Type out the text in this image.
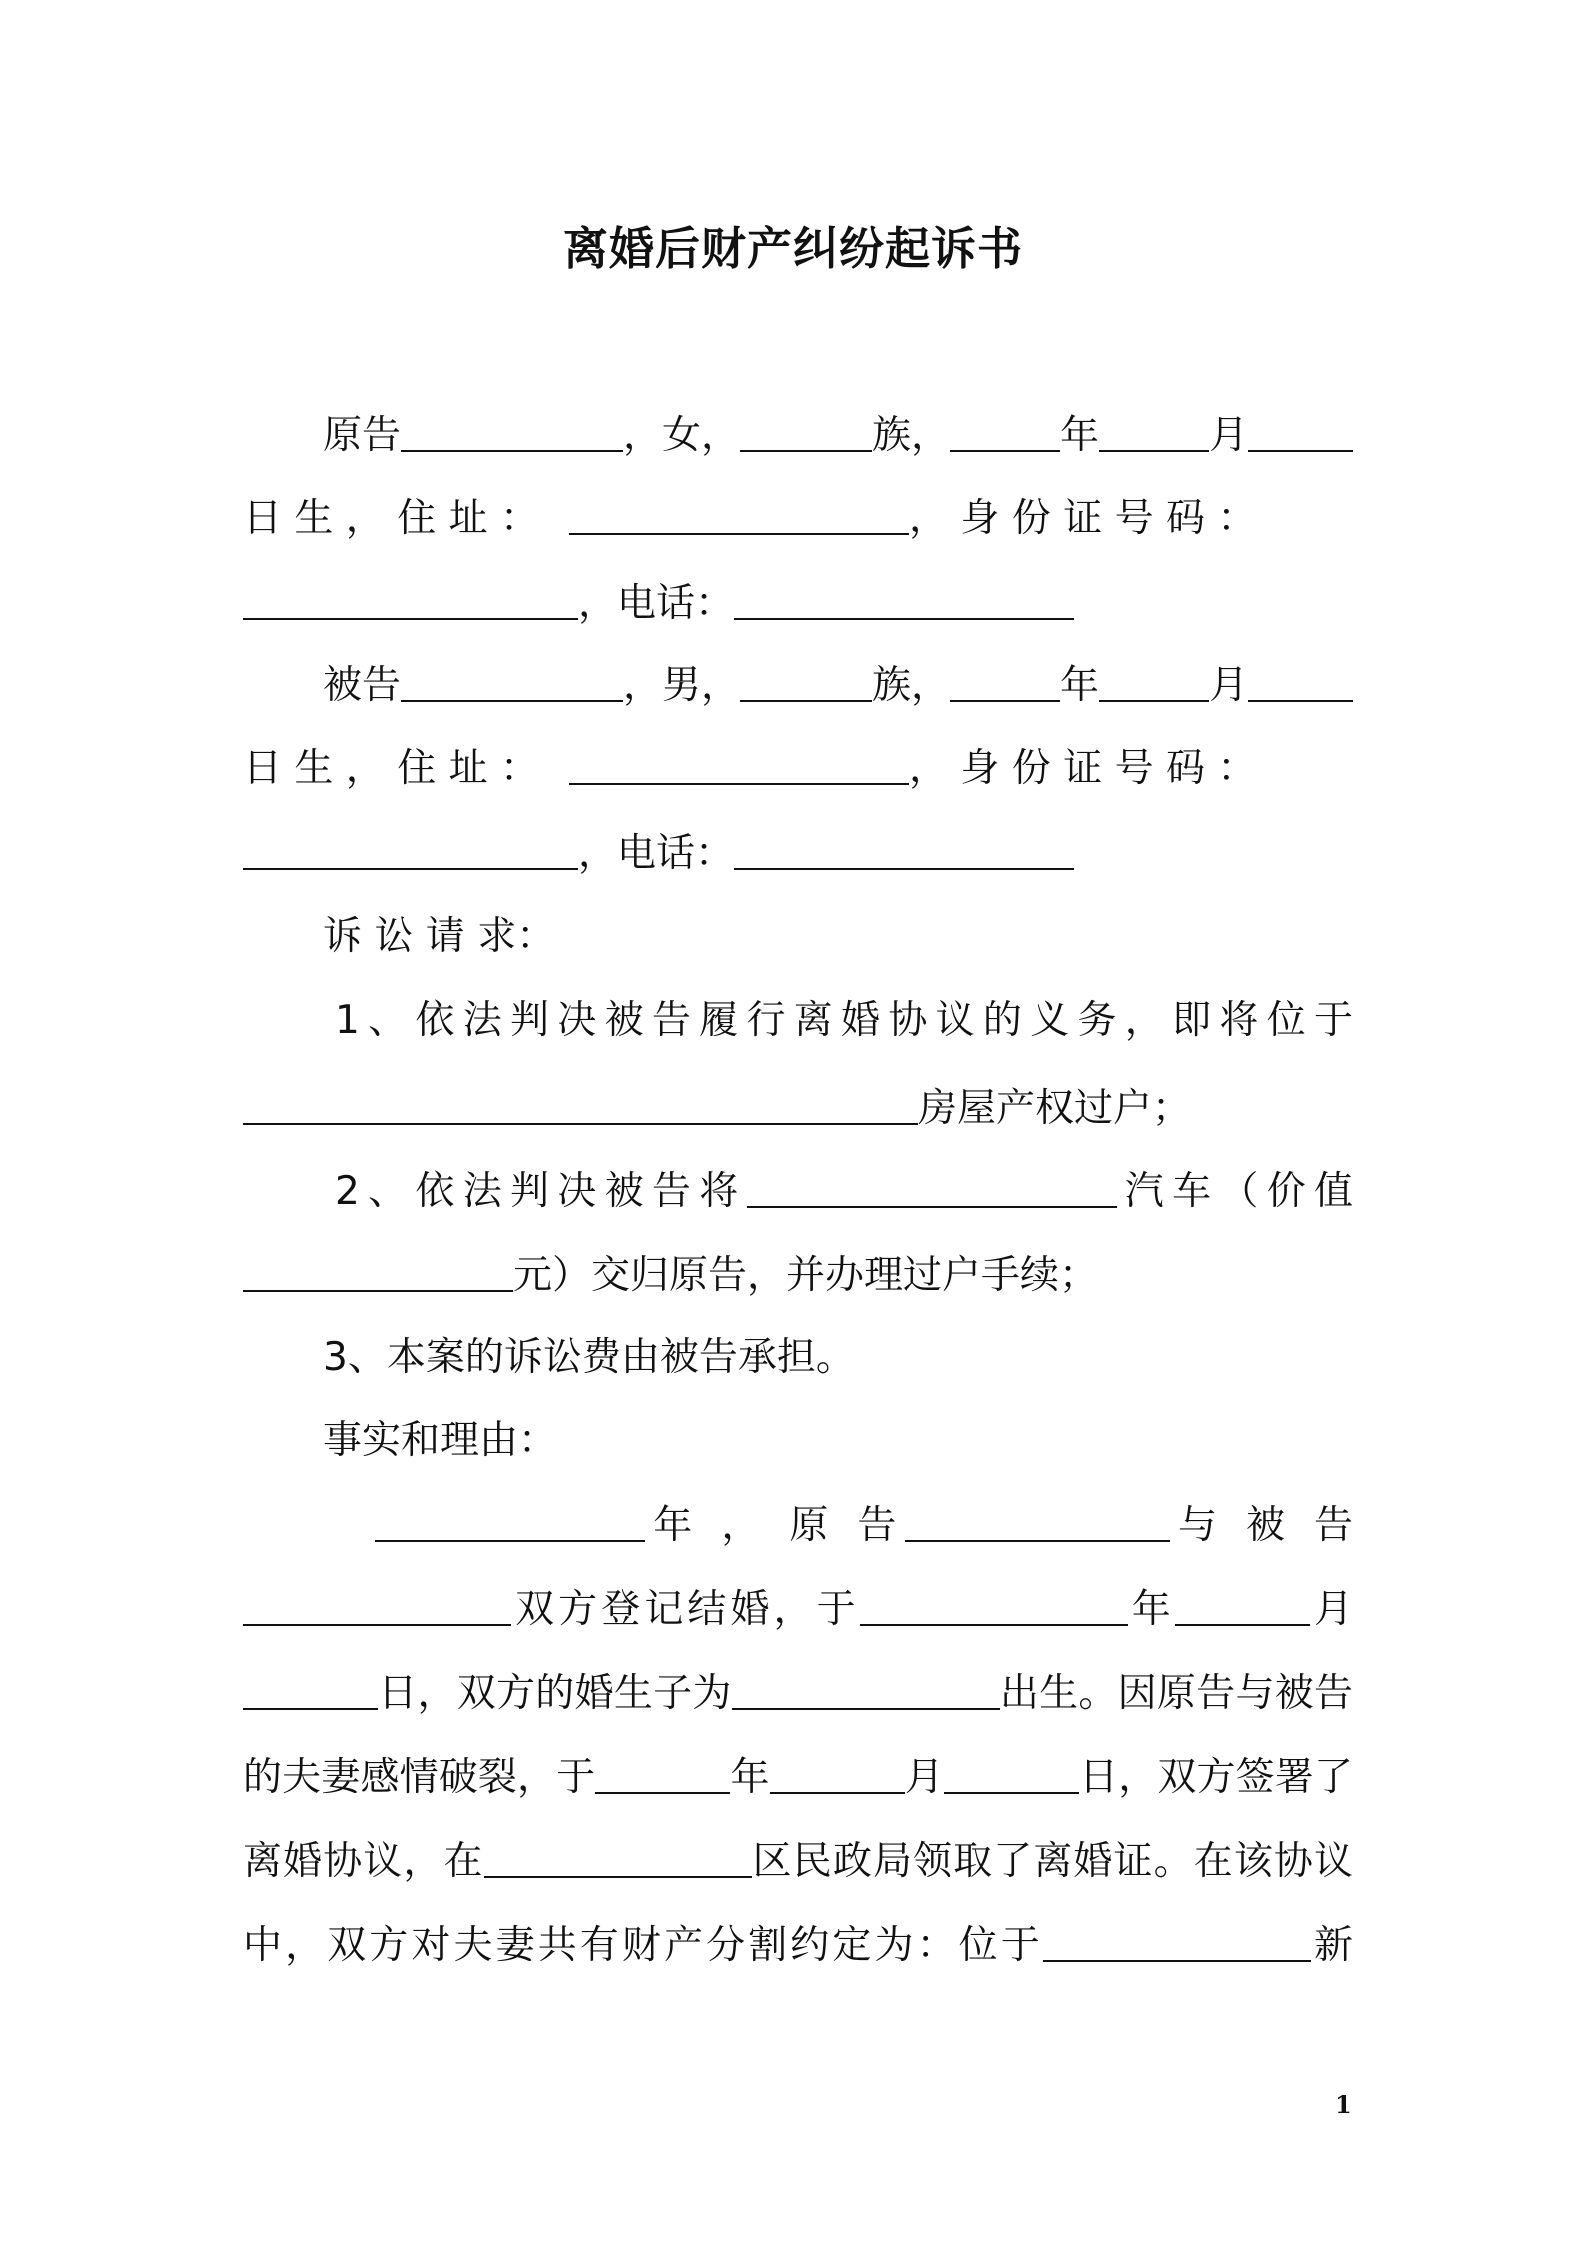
离婚后财产纠纷起诉书
原告	，女，	族，	年	月
日 生 ， 住 址 ：	， 身 份 证 号 码 ：
，电话：
被告	，男，	族，	年	月
日 生 ， 住 址 ：	， 身 份 证 号 码 ：
，电话：
诉 讼 请 求：
1、依法判决被告履行离婚协议的义务，即将位于
房屋产权过户；
2、依法判决被告将	汽车（价值
元）交归原告，并办理过户手续；
3、本案的诉讼费由被告承担。
事实和理由：
年 ， 原 告	与 被 告
双方登记结婚，于	年	月
日，双方的婚生子为	出生。因原告与被告
的夫妻感情破裂，于	年	月	日，双方签署了
离婚协议，在	区民政局领取了离婚证。在该协议
中，双方对夫妻共有财产分割约定为：位于	新
1
